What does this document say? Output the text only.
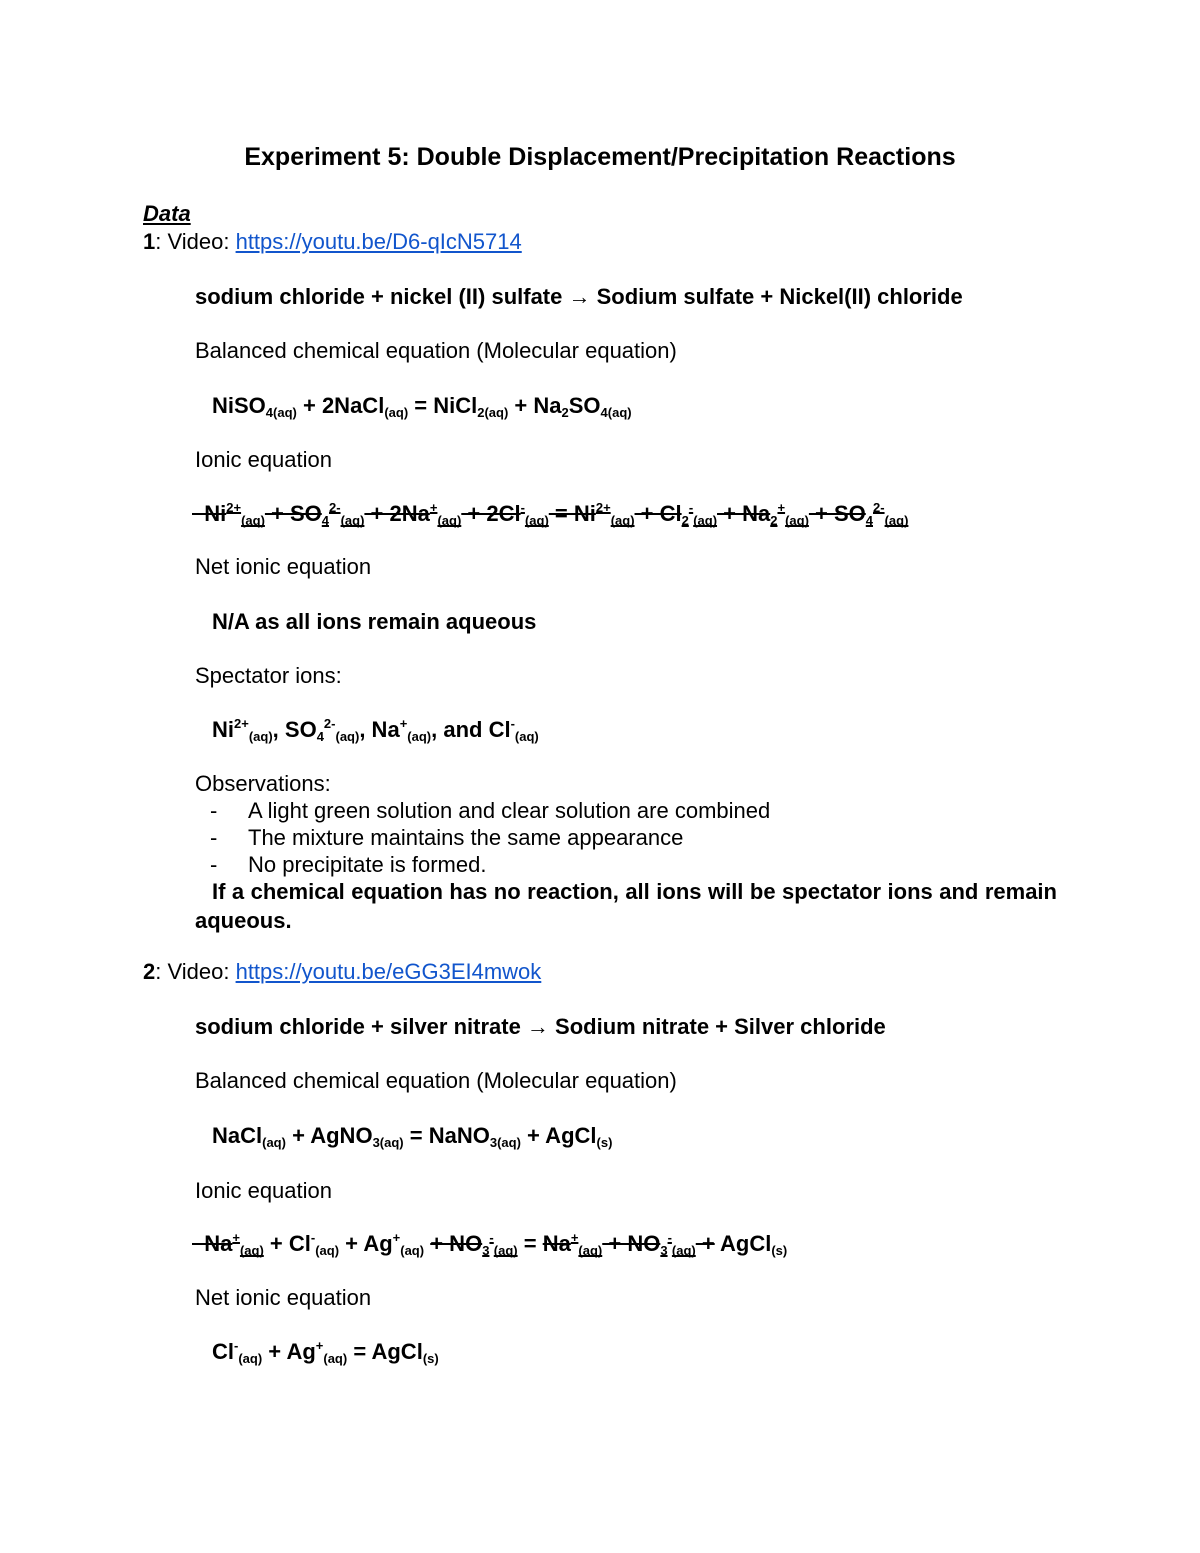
Experiment 5: Double Displacement/Precipitation Reactions
Data
1: Video: https://youtu.be/D6-qIcN5714
sodium chloride + nickel (II) sulfate → Sodium sulfate + Nickel(II) chloride
Balanced chemical equation (Molecular equation)
NiSO$_{4(aq)}$ + 2NaCl$_{(aq)}$ = NiCl$_{2(aq)}$ + $Na_2SO_{4(aq)}$
Ionic equation
$Ni^{2+}_{(aq)} + SO_4^{2-}_{(aq)} + 2Na^+_{(aq)} + 2Cl^-_{(aq)} = Ni^{2+}_{(aq)} + Cl_2^-_{(aq)} + Na_2^+_{(aq)} + SO_4^{2-}_{(aq)}$
Net ionic equation
N/A as all ions remain aqueous
Spectator ions:
$Ni^{2+}_{(aq)}$, $SO_4^{2-}_{(aq)}$, $Na^+_{(aq)}$, and $Cl^-_{(aq)}$
Observations:
- A light green solution and clear solution are combined
- The mixture maintains the same appearance
- No precipitate is formed.
If a chemical equation has no reaction, all ions will be spectator ions and remain aqueous.
2: Video: https://youtu.be/eGG3EI4mwok
sodium chloride + silver nitrate → Sodium nitrate + Silver chloride
Balanced chemical equation (Molecular equation)
NaCl$_{(aq)}$ + AgNO$_{3(aq)}$ = NaNO$_{3(aq)}$ + AgCl$_{(s)}$
Ionic equation
$Na^+_{(aq)} + Cl^-_{(aq)} + Ag^+_{(aq)} + NO_3^-_{(aq)} = Na^+_{(aq)} + NO_3^-_{(aq)}$ + AgCl$_{(s)}$
Net ionic equation
$Cl^-_{(aq)} + Ag^+_{(aq)}$ = AgCl$_{(s)}$
